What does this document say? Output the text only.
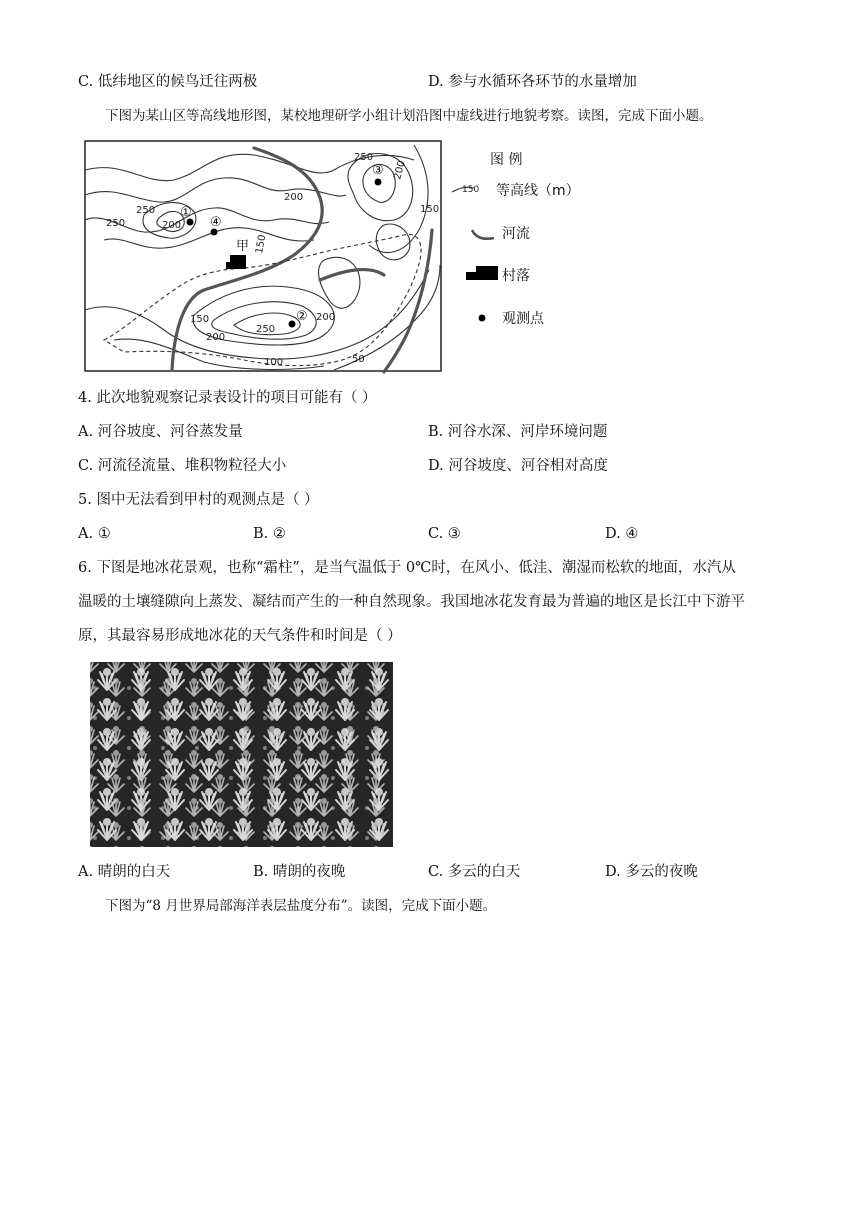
C. 低纬地区的候鸟迁往两极	D. 参与水循环各环节的水量增加
下图为某山区等高线地形图，某校地理研学小组计划沿图中虚线进行地貌考察。读图，完成下面小题。
250
250	200
200
150
150
200
250
150
100	50
200
250
200
①
②
③
④
甲
图 例
150 等高线（m）
河流
村落
观测点
4. 此次地貌观察记录表设计的项目可能有（ ）
A. 河谷坡度、河谷蒸发量	B. 河谷水深、河岸环境问题
C. 河流径流量、堆积物粒径大小	D. 河谷坡度、河谷相对高度
5. 图中无法看到甲村的观测点是（ ）
A. ①	B. ②	C. ③	D. ④
6. 下图是地冰花景观，也称“霜柱”，是当气温低于 0℃时，在风小、低洼、潮湿而松软的地面，水汽从
温暖的土壤缝隙向上蒸发、凝结而产生的一种自然现象。我国地冰花发育最为普遍的地区是长江中下游平
原，其最容易形成地冰花的天气条件和时间是（ ）
A. 晴朗的白天	B. 晴朗的夜晚	C. 多云的白天	D. 多云的夜晚
下图为“8 月世界局部海洋表层盐度分布”。读图，完成下面小题。
